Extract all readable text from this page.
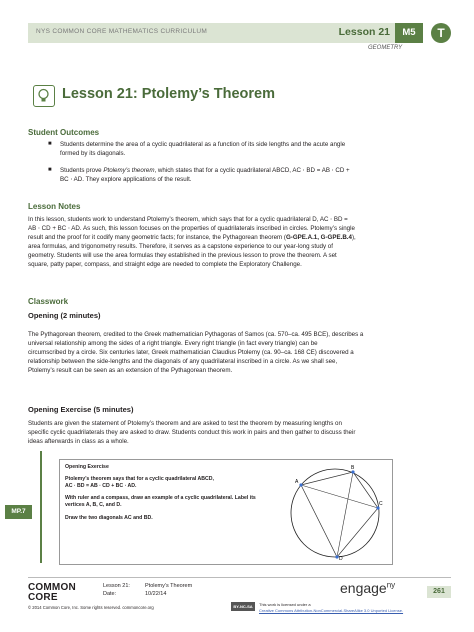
NYS COMMON CORE MATHEMATICS CURRICULUM	Lesson 21	M5
GEOMETRY
T
Lesson 21: Ptolemy’s Theorem
Student Outcomes
■ Students determine the area of a cyclic quadrilateral as a function of its side lengths and the acute angle
formed by its diagonals.
■ Students prove Ptolemy’s theorem, which states that for a cyclic quadrilateral ABCD, AC ⋅ BD = AB ⋅ CD +
BC ⋅ AD. They explore applications of the result.
Lesson Notes
In this lesson, students work to understand Ptolemy’s theorem, which says that for a cyclic quadrilateral D, AC ⋅ BD =
AB ⋅ CD + BC ⋅ AD. As such, this lesson focuses on the properties of quadrilaterals inscribed in circles. Ptolemy’s single
result and the proof for it codify many geometric facts; for instance, the Pythagorean theorem (G-GPE.A.1, G-GPE.B.4),
area formulas, and trigonometry results. Therefore, it serves as a capstone experience to our year-long study of
geometry. Students will use the area formulas they established in the previous lesson to prove the theorem. A set
square, patty paper, compass, and straight edge are needed to complete the Exploratory Challenge.
Classwork
Opening (2 minutes)
The Pythagorean theorem, credited to the Greek mathematician Pythagoras of Samos (ca. 570–ca. 495 BCE), describes a
universal relationship among the sides of a right triangle. Every right triangle (in fact every triangle) can be
circumscribed by a circle. Six centuries later, Greek mathematician Claudius Ptolemy (ca. 90–ca. 168 CE) discovered a
relationship between the side-lengths and the diagonals of any quadrilateral inscribed in a circle. As we shall see,
Ptolemy’s result can be seen as an extension of the Pythagorean theorem.
Opening Exercise (5 minutes)
Students are given the statement of Ptolemy’s theorem and are asked to test the theorem by measuring lengths on
specific cyclic quadrilaterals they are asked to draw. Students conduct this work in pairs and then gather to discuss their
ideas afterwards in class as a whole.
MP.7
Opening Exercise
Ptolemy’s theorem says that for a cyclic quadrilateral ABCD,
AC ⋅ BD = AB ⋅ CD + BC ⋅ AD.
With ruler and a compass, draw an example of a cyclic quadrilateral. Label its
vertices A, B, C, and D.
Draw the two diagonals AC and BD.
A
B
C
D
COMMON
CORE
Lesson 21:	Ptolemy’s Theorem
Date:	10/22/14	engage$^{ny}$
261
© 2014 Common Core, Inc. Some rights reserved. commoncore.org	BY-NC-SA	This work is licensed under a
Creative Commons Attribution-NonCommercial-ShareAlike 3.0 Unported License.
